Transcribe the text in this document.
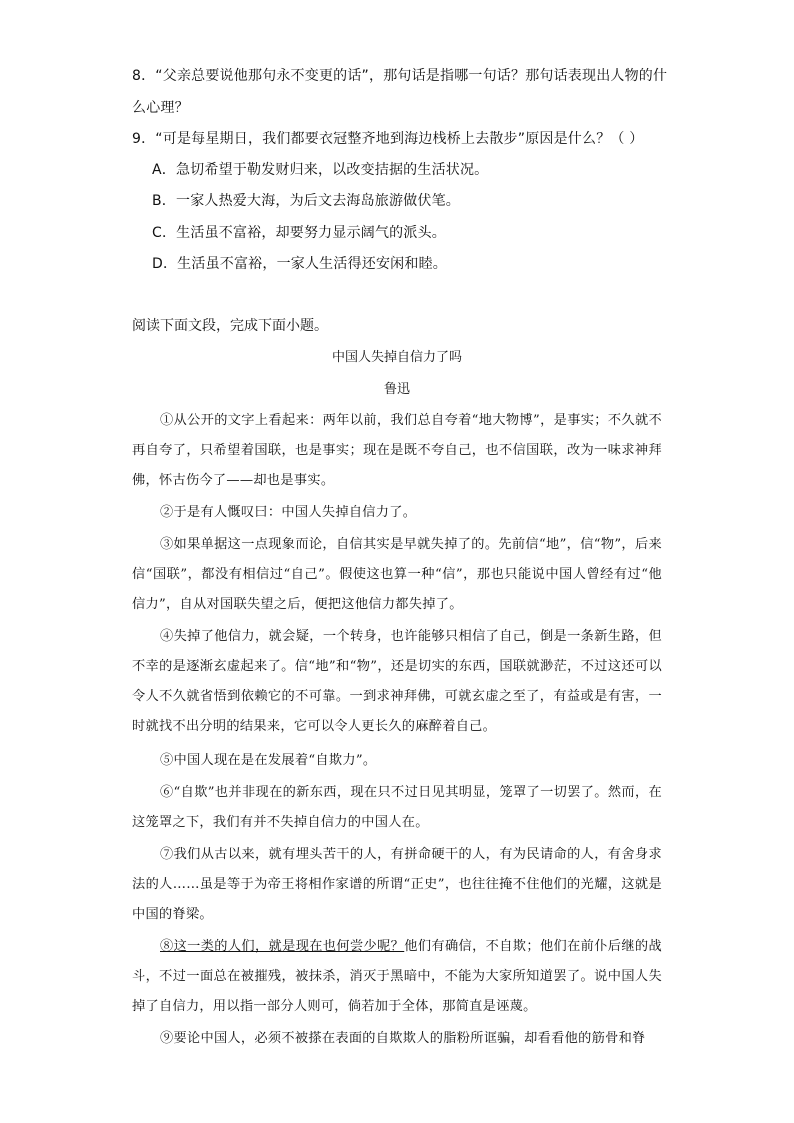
8．“父亲总要说他那句永不变更的话”，那句话是指哪一句话？那句话表现出人物的什
么心理？
9．“可是每星期日，我们都要衣冠整齐地到海边栈桥上去散步”原因是什么？（ ）
A．急切希望于勒发财归来，以改变拮据的生活状况。
B．一家人热爱大海，为后文去海岛旅游做伏笔。
C．生活虽不富裕，却要努力显示阔气的派头。
D．生活虽不富裕，一家人生活得还安闲和睦。
阅读下面文段，完成下面小题。
中国人失掉自信力了吗
鲁迅
①从公开的文字上看起来：两年以前，我们总自夸着“地大物博”，是事实；不久就不再自夸了，只希望着国联，也是事实；现在是既不夸自己，也不信国联，改为一味求神拜佛，怀古伤今了——却也是事实。
②于是有人慨叹曰：中国人失掉自信力了。
③如果单据这一点现象而论，自信其实是早就失掉了的。先前信“地”，信“物”，后来信“国联”，都没有相信过“自己”。假使这也算一种“信”，那也只能说中国人曾经有过“他信力”，自从对国联失望之后，便把这他信力都失掉了。
④失掉了他信力，就会疑，一个转身，也许能够只相信了自己，倒是一条新生路，但不幸的是逐渐玄虚起来了。信“地”和“物”，还是切实的东西，国联就渺茫，不过这还可以令人不久就省悟到依赖它的不可靠。一到求神拜佛，可就玄虚之至了，有益或是有害，一时就找不出分明的结果来，它可以令人更长久的麻醉着自己。
⑤中国人现在是在发展着“自欺力”。
⑥“自欺”也并非现在的新东西，现在只不过日见其明显，笼罩了一切罢了。然而，在这笼罩之下，我们有并不失掉自信力的中国人在。
⑦我们从古以来，就有埋头苦干的人，有拼命硬干的人，有为民请命的人，有舍身求法的人……虽是等于为帝王将相作家谱的所谓“正史”，也往往掩不住他们的光耀，这就是中国的脊梁。
⑧这一类的人们，就是现在也何尝少呢？他们有确信，不自欺；他们在前仆后继的战斗，不过一面总在被摧残，被抹杀，消灭于黑暗中，不能为大家所知道罢了。说中国人失掉了自信力，用以指一部分人则可，倘若加于全体，那简直是诬蔑。
⑨要论中国人，必须不被搽在表面的自欺欺人的脂粉所诓骗，却看看他的筋骨和脊
